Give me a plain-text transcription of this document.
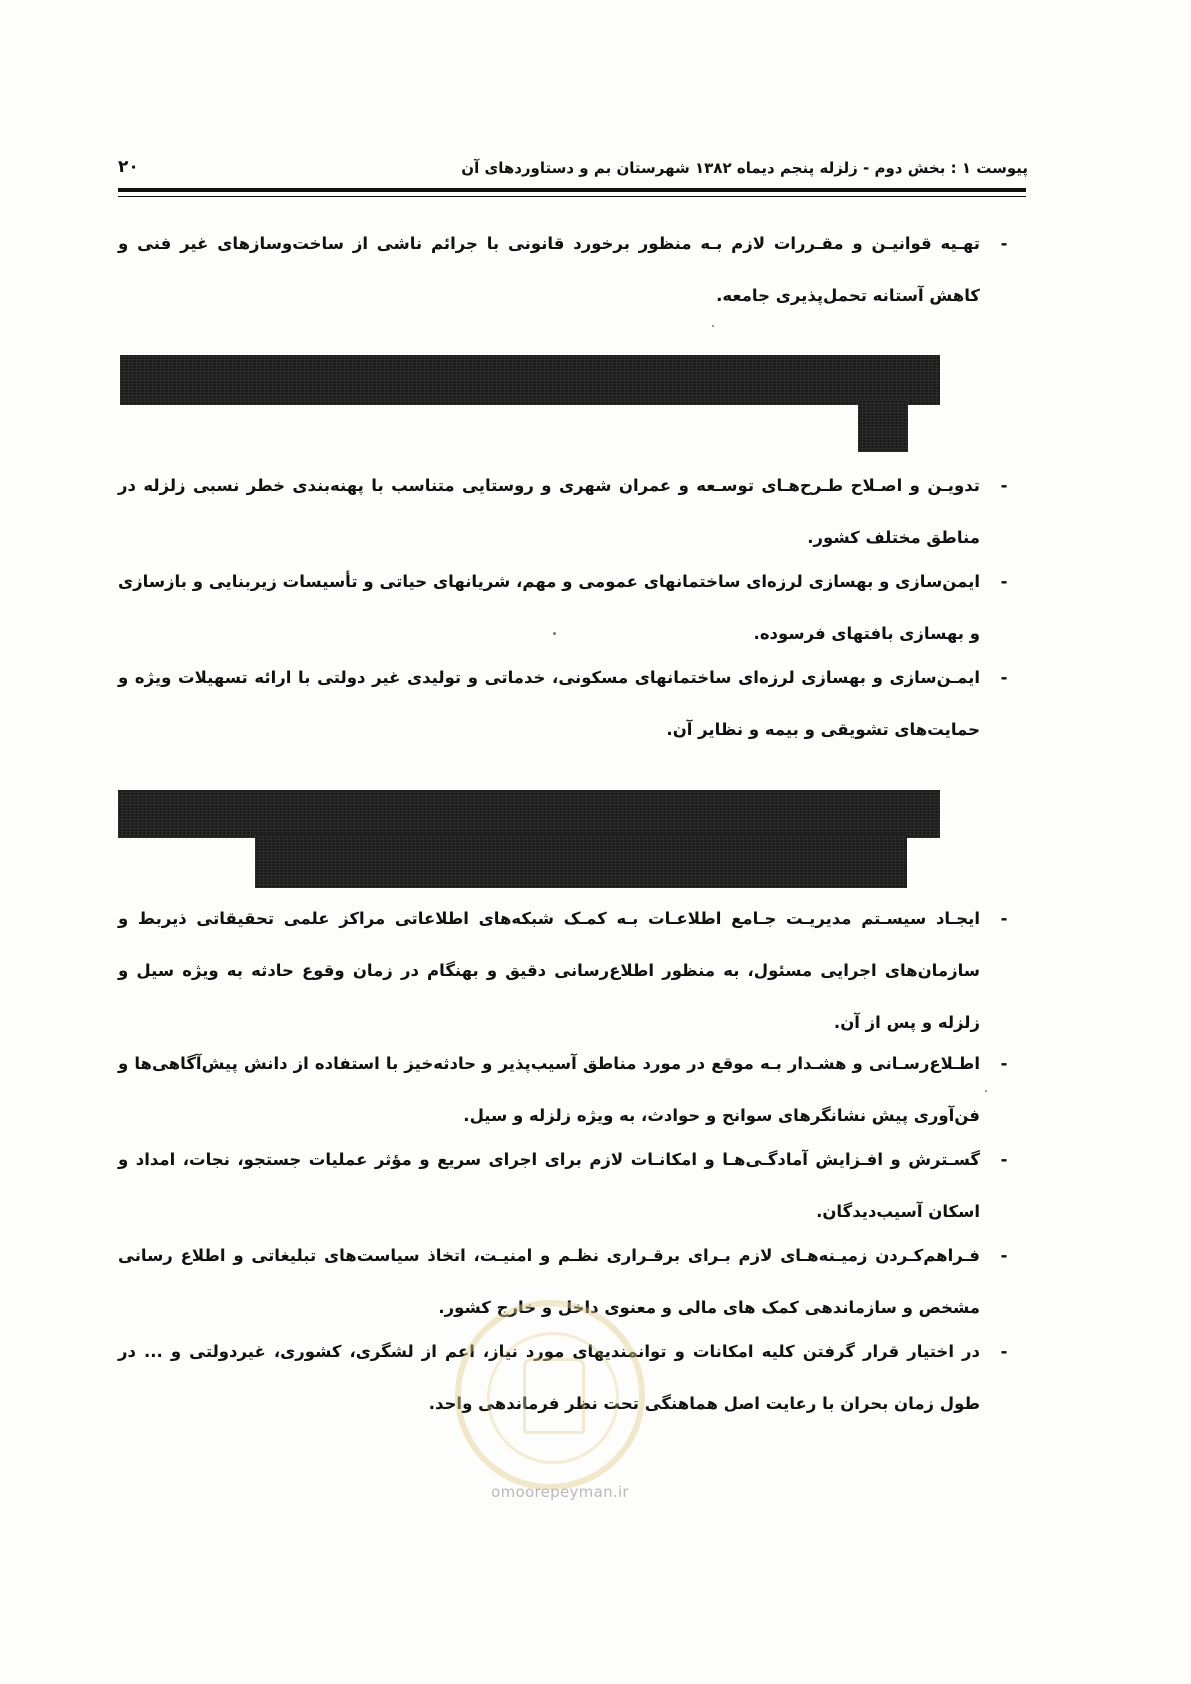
۲۰	پیوست ۱ : بخش دوم - زلزله پنجم دیماه ۱۳۸۲ شهرستان بم و دستاوردهای آن
-
تهـیه قوانیـن و مقـررات لازم بـه منظور برخورد قانونی با جرائم ناشی از ساخت‌وسازهای غیر فنی و کاهش آستانه تحمل‌پذیری جامعه.
-
تدویـن و اصـلاح طـرح‌هـای توسـعه و عمران شهری و روستایی متناسب با پهنه‌بندی خطر نسبی زلزله در مناطق مختلف کشور.
-
ایمن‌سازی و بهسازی لرزه‌ای ساختمانهای عمومی و مهم، شریانهای حیاتی و تأسیسات زیربنایی و بازسازی و بهسازی بافتهای فرسوده.
-
ایمـن‌سازی و بهسازی لرزه‌ای ساختمانهای مسکونی، خدماتی و تولیدی غیر دولتی با ارائه تسهیلات ویژه و حمایت‌های تشویقی و بیمه و نظایر آن.
-
ایجـاد سیسـتم مدیریـت جـامع اطلاعـات بـه کمـک شبکه‌های اطلاعاتی مراکز علمی تحقیقاتی ذیربط و سازمان‌های اجرایی مسئول، به منظور اطلاع‌رسانی دقیق و بهنگام در زمان وقوع حادثه به ویژه سیل و زلزله و پس از آن.
-
اطـلاع‌رسـانی و هشـدار بـه موقع در مورد مناطق آسیب‌پذیر و حادثه‌خیز با استفاده از دانش پیش‌آگاهی‌ها و فن‌آوری پیش نشانگرهای سوانح و حوادث، به ویژه زلزله و سیل.
-
گسـترش و افـزایش آمادگـی‌هـا و امکانـات لازم برای اجرای سریع و مؤثر عملیات جستجو، نجات، امداد و اسکان آسیب‌دیدگان.
-
فـراهم‌کـردن زمیـنه‌هـای لازم بـرای برقـراری نظـم و امنیـت، اتخاذ سیاست‌های تبلیغاتی و اطلاع رسانی مشخص و سازماندهی کمک های مالی و معنوی داخل و خارج کشور.
-
در اختیار قرار گرفتن کلیه امکانات و توانمندیهای مورد نیاز، اعم از لشگری، کشوری، غیردولتی و ... در طول زمان بحران با رعایت اصل هماهنگی تحت نظر فرماندهی واحد.
omoorepeyman.ir
